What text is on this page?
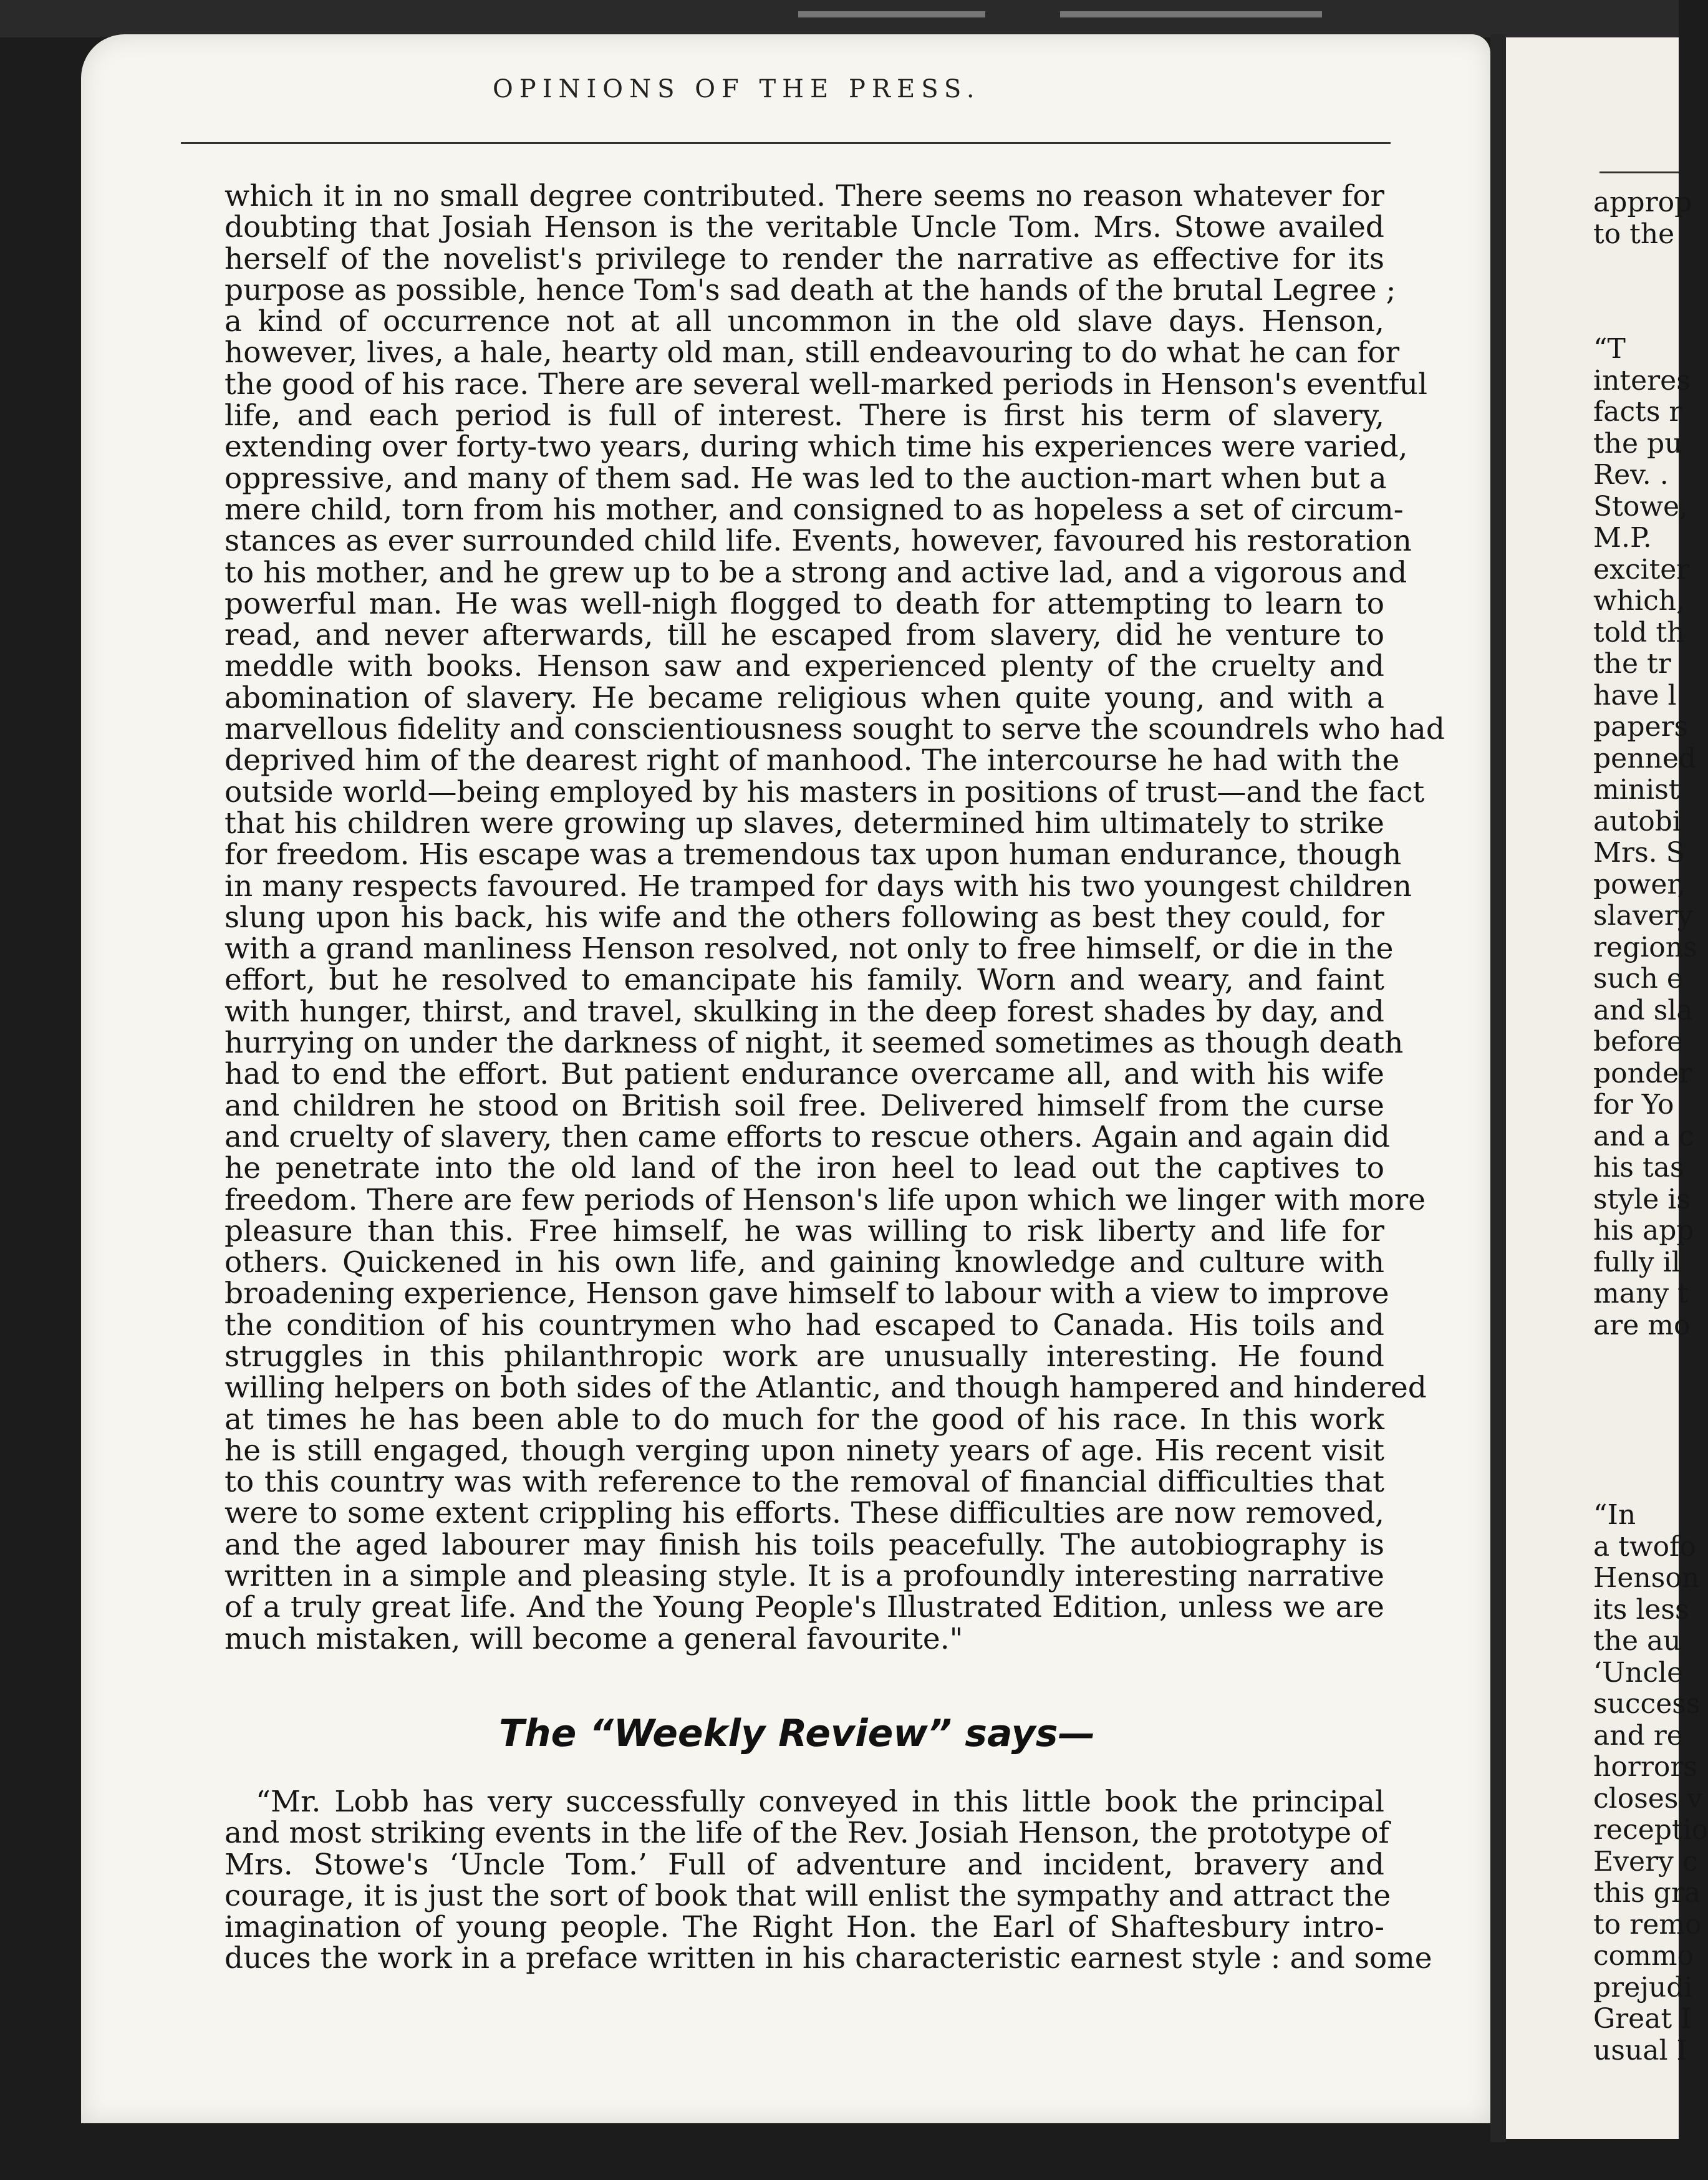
OPINIONS OF THE PRESS.
which it in no small degree contributed. There seems no reason whatever for
doubting that Josiah Henson is the veritable Uncle Tom. Mrs. Stowe availed
herself of the novelist's privilege to render the narrative as effective for its
purpose as possible, hence Tom's sad death at the hands of the brutal Legree ;
a kind of occurrence not at all uncommon in the old slave days. Henson,
however, lives, a hale, hearty old man, still endeavouring to do what he can for
the good of his race. There are several well-marked periods in Henson's eventful
life, and each period is full of interest. There is first his term of slavery,
extending over forty-two years, during which time his experiences were varied,
oppressive, and many of them sad. He was led to the auction-mart when but a
mere child, torn from his mother, and consigned to as hopeless a set of circum-
stances as ever surrounded child life. Events, however, favoured his restoration
to his mother, and he grew up to be a strong and active lad, and a vigorous and
powerful man. He was well-nigh flogged to death for attempting to learn to
read, and never afterwards, till he escaped from slavery, did he venture to
meddle with books. Henson saw and experienced plenty of the cruelty and
abomination of slavery. He became religious when quite young, and with a
marvellous fidelity and conscientiousness sought to serve the scoundrels who had
deprived him of the dearest right of manhood. The intercourse he had with the
outside world—being employed by his masters in positions of trust—and the fact
that his children were growing up slaves, determined him ultimately to strike
for freedom. His escape was a tremendous tax upon human endurance, though
in many respects favoured. He tramped for days with his two youngest children
slung upon his back, his wife and the others following as best they could, for
with a grand manliness Henson resolved, not only to free himself, or die in the
effort, but he resolved to emancipate his family. Worn and weary, and faint
with hunger, thirst, and travel, skulking in the deep forest shades by day, and
hurrying on under the darkness of night, it seemed sometimes as though death
had to end the effort. But patient endurance overcame all, and with his wife
and children he stood on British soil free. Delivered himself from the curse
and cruelty of slavery, then came efforts to rescue others. Again and again did
he penetrate into the old land of the iron heel to lead out the captives to
freedom. There are few periods of Henson's life upon which we linger with more
pleasure than this. Free himself, he was willing to risk liberty and life for
others. Quickened in his own life, and gaining knowledge and culture with
broadening experience, Henson gave himself to labour with a view to improve
the condition of his countrymen who had escaped to Canada. His toils and
struggles in this philanthropic work are unusually interesting. He found
willing helpers on both sides of the Atlantic, and though hampered and hindered
at times he has been able to do much for the good of his race. In this work
he is still engaged, though verging upon ninety years of age. His recent visit
to this country was with reference to the removal of financial difficulties that
were to some extent crippling his efforts. These difficulties are now removed,
and the aged labourer may finish his toils peacefully. The autobiography is
written in a simple and pleasing style. It is a profoundly interesting narrative
of a truly great life. And the Young People's Illustrated Edition, unless we are
much mistaken, will become a general favourite."
The “Weekly Review” says—
“Mr. Lobb has very successfully conveyed in this little book the principal
and most striking events in the life of the Rev. Josiah Henson, the prototype of
Mrs. Stowe's ‘Uncle Tom.’ Full of adventure and incident, bravery and
courage, it is just the sort of book that will enlist the sympathy and attract the
imagination of young people. The Right Hon. the Earl of Shaftesbury intro-
duces the work in a preface written in his characteristic earnest style : and some
approp
to the
“T
interes
facts r
the pu
Rev. .
Stowe,
M.P.
exciter
which,
told th
the tr
have l
papers
penned
minist
autobi
Mrs. S
power,
slavery
regions
such e
and sla
before
ponder
for Yo
and a c
his tas
style is
his app
fully il
many t
are mo
“In
a twofo
Henson
its less
the au
‘Uncle
success
and re
horrors
closes v
receptio
Every c
this gra
to remo
commo
prejudi
Great I
usual I
